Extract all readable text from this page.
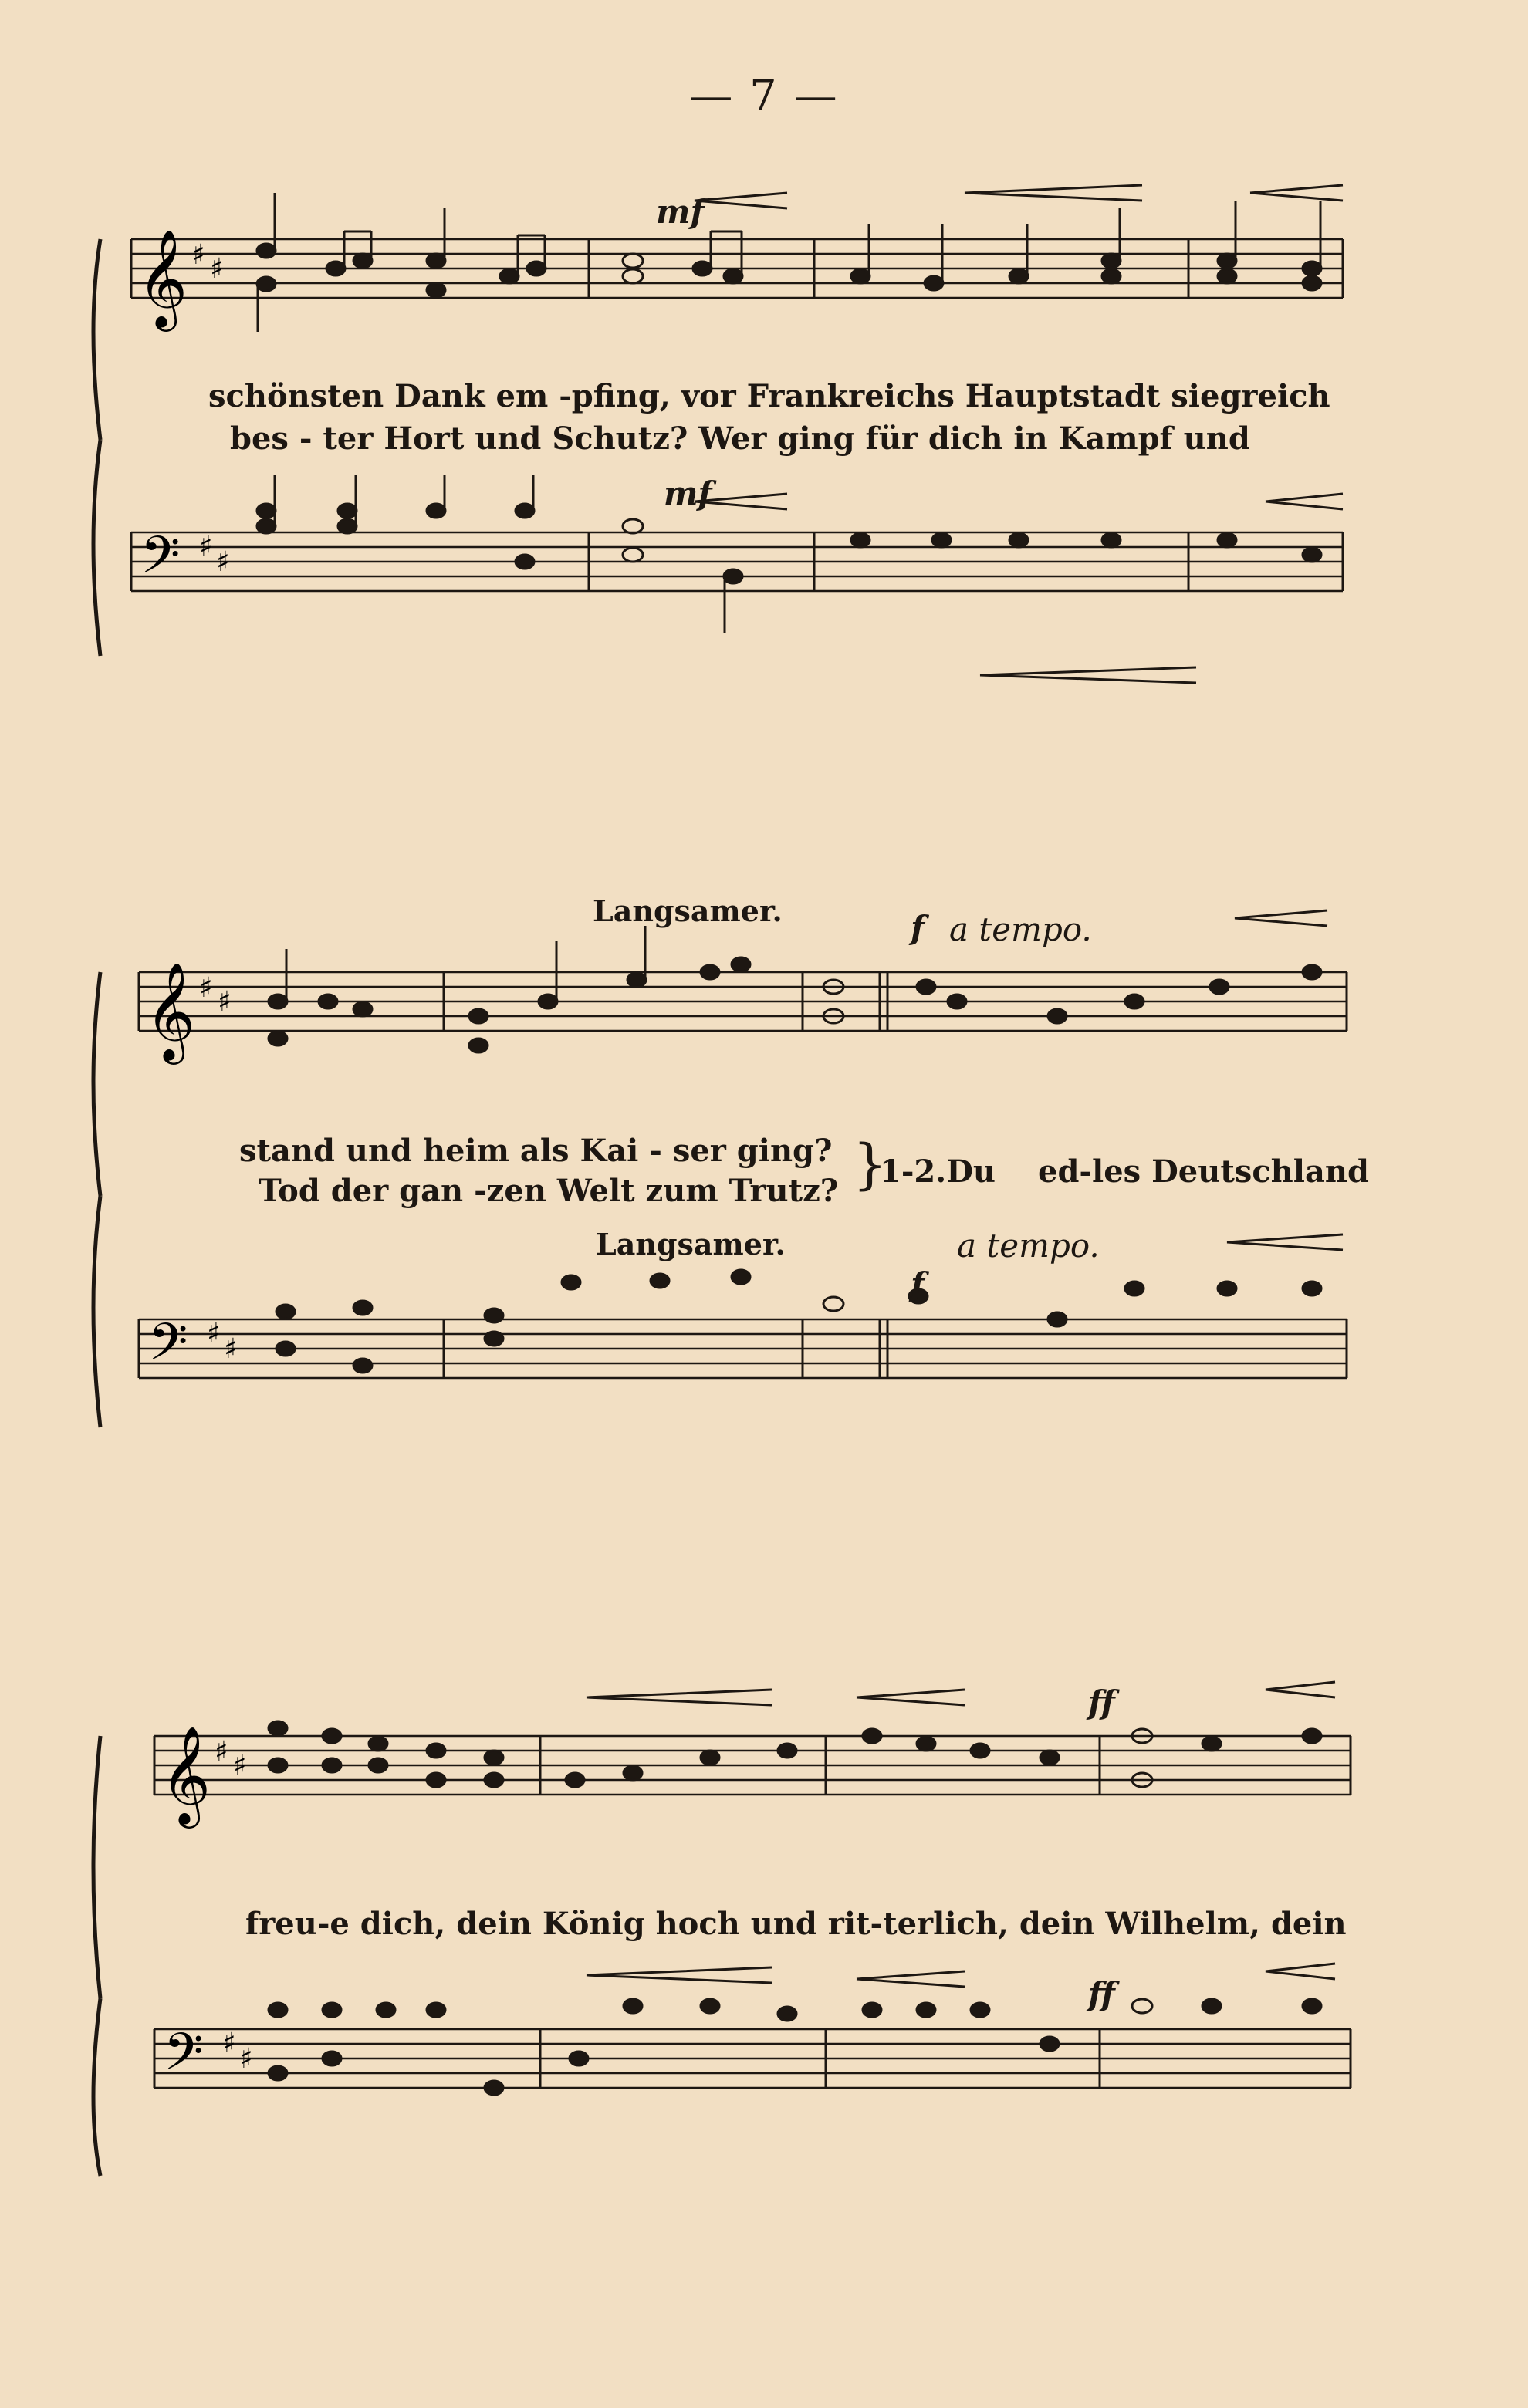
— 7 —
𝄞 ♯ ♯
𝄢 ♯ ♯
mf
schönsten Dank em -pfing, vor Frankreichs Hauptstadt siegreich
bes - ter Hort und Schutz? Wer ging für dich in Kampf und
mf
𝄞 ♯ ♯
𝄢 ♯ ♯
Langsamer.	f a tempo.
stand und heim als Kai - ser ging?
Tod der gan -zen Welt zum Trutz? }
1-2.Du ed-les Deutschland
Langsamer.	a tempo.
f
𝄞 ♯ ♯
𝄢 ♯ ♯
ff
freu-e dich, dein König hoch und rit-terlich, dein Wilhelm, dein
ff
